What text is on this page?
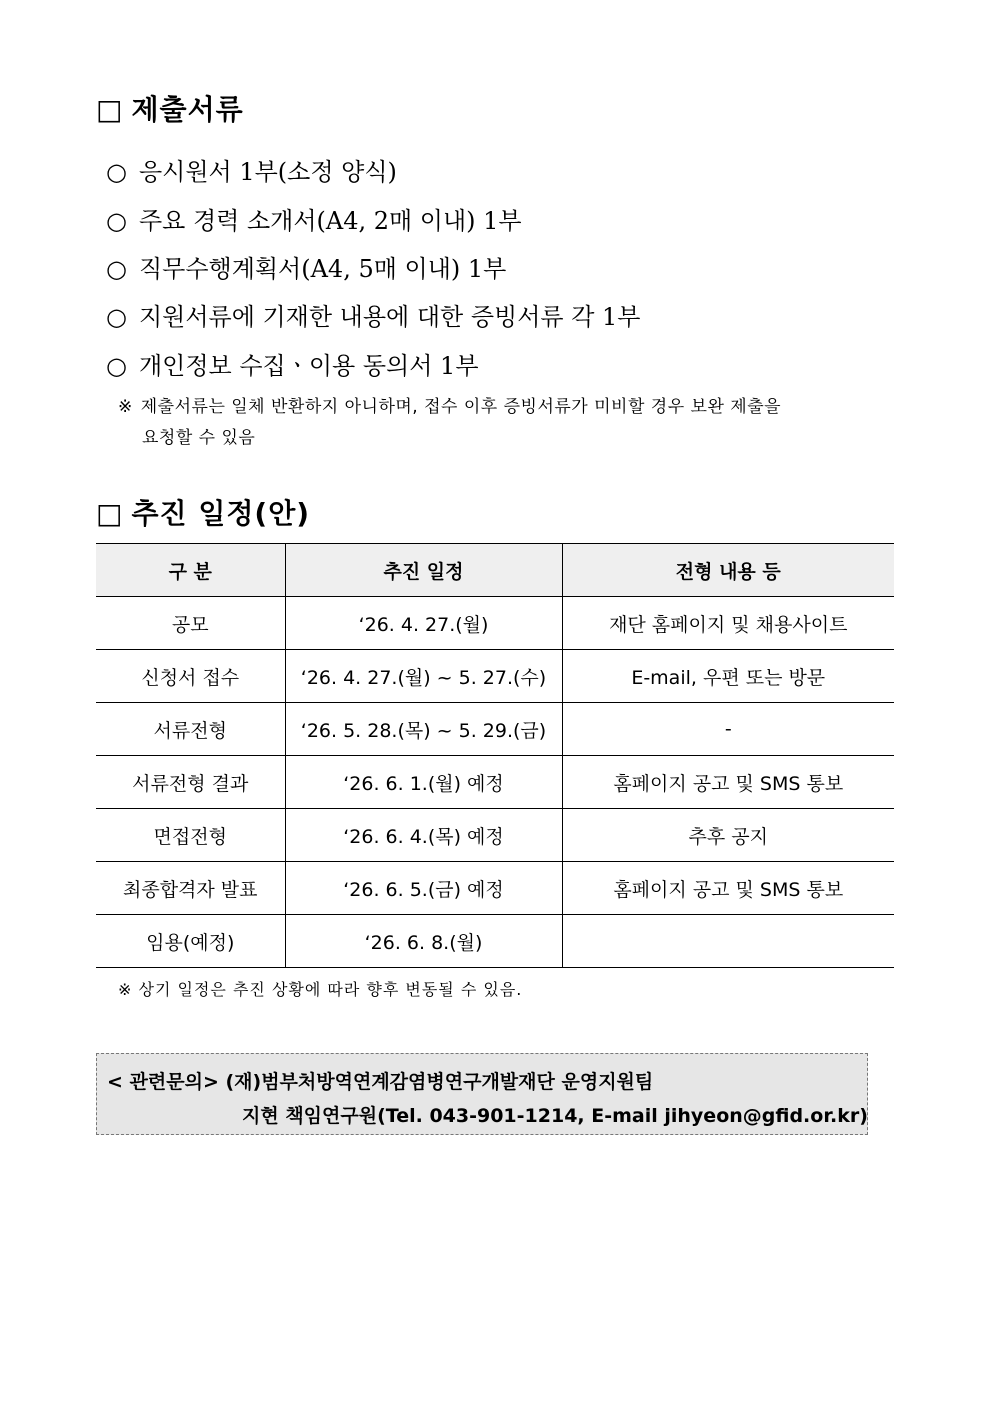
□ 제출서류
○ 응시원서 1부(소정 양식)
○ 주요 경력 소개서(A4, 2매 이내) 1부
○ 직무수행계획서(A4, 5매 이내) 1부
○ 지원서류에 기재한 내용에 대한 증빙서류 각 1부
○ 개인정보 수집ㆍ이용 동의서 1부
※ 제출서류는 일체 반환하지 아니하며, 접수 이후 증빙서류가 미비할 경우 보완 제출을
요청할 수 있음
□ 추진 일정(안)
구 분	추진 일정	전형 내용 등
공모	‘26. 4. 27.(월)	재단 홈페이지 및 채용사이트
신청서 접수	‘26. 4. 27.(월) ~ 5. 27.(수)	E-mail, 우편 또는 방문
서류전형	‘26. 5. 28.(목) ~ 5. 29.(금)	-
서류전형 결과	‘26. 6. 1.(월) 예정	홈페이지 공고 및 SMS 통보
면접전형	‘26. 6. 4.(목) 예정	추후 공지
최종합격자 발표	‘26. 6. 5.(금) 예정	홈페이지 공고 및 SMS 통보
임용(예정)	‘26. 6. 8.(월)	
※ 상기 일정은 추진 상황에 따라 향후 변동될 수 있음.
< 관련문의> (재)범부처방역연계감염병연구개발재단 운영지원팀
지현 책임연구원(Tel. 043-901-1214, E-mail jihyeon@gfid.or.kr)
